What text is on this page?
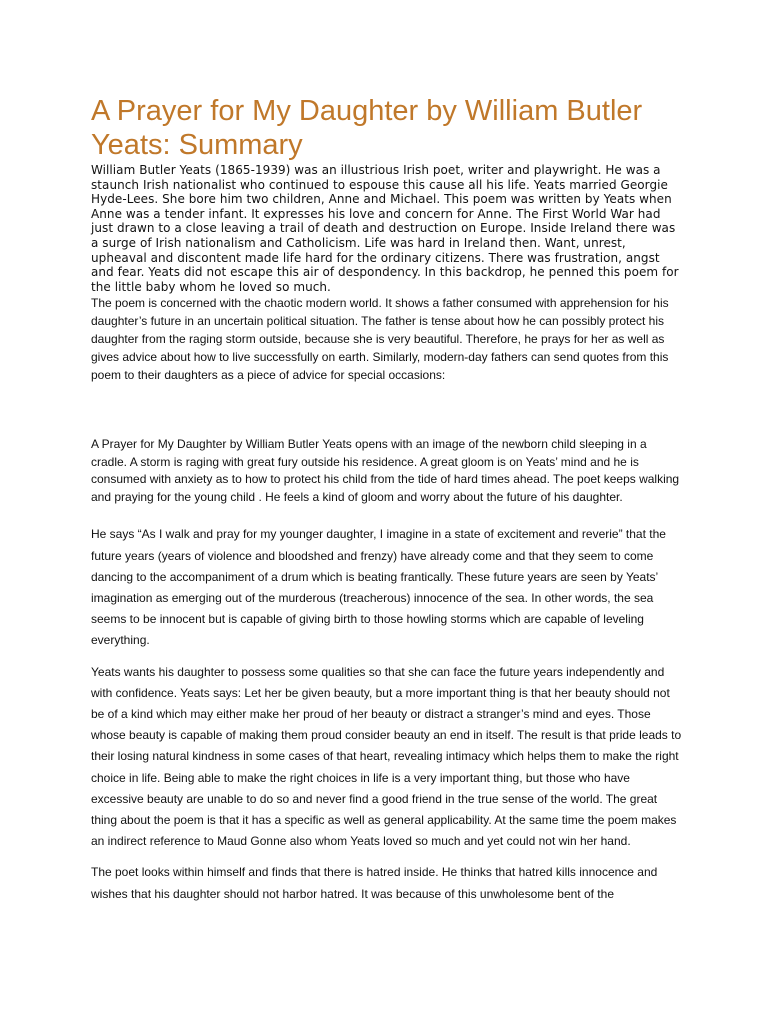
A Prayer for My Daughter by William Butler Yeats: Summary

William Butler Yeats (1865-1939) was an illustrious Irish poet, writer and playwright. He was a staunch Irish nationalist who continued to espouse this cause all his life. Yeats married Georgie Hyde-Lees. She bore him two children, Anne and Michael. This poem was written by Yeats when Anne was a tender infant. It expresses his love and concern for Anne. The First World War had just drawn to a close leaving a trail of death and destruction on Europe. Inside Ireland there was a surge of Irish nationalism and Catholicism. Life was hard in Ireland then. Want, unrest, upheaval and discontent made life hard for the ordinary citizens. There was frustration, angst and fear. Yeats did not escape this air of despondency. In this backdrop, he penned this poem for the little baby whom he loved so much.

The poem is concerned with the chaotic modern world. It shows a father consumed with apprehension for his daughter’s future in an uncertain political situation. The father is tense about how he can possibly protect his daughter from the raging storm outside, because she is very beautiful. Therefore, he prays for her as well as gives advice about how to live successfully on earth. Similarly, modern-day fathers can send quotes from this poem to their daughters as a piece of advice for special occasions:

A Prayer for My Daughter by William Butler Yeats opens with an image of the newborn child sleeping in a cradle. A storm is raging with great fury outside his residence. A great gloom is on Yeats’ mind and he is consumed with anxiety as to how to protect his child from the tide of hard times ahead. The poet keeps walking and praying for the young child . He feels a kind of gloom and worry about the future of his daughter.

He says “As I walk and pray for my younger daughter, I imagine in a state of excitement and reverie” that the future years (years of violence and bloodshed and frenzy) have already come and that they seem to come dancing to the accompaniment of a drum which is beating frantically. These future years are seen by Yeats’ imagination as emerging out of the murderous (treacherous) innocence of the sea. In other words, the sea seems to be innocent but is capable of giving birth to those howling storms which are capable of leveling everything.

Yeats wants his daughter to possess some qualities so that she can face the future years independently and with confidence. Yeats says: Let her be given beauty, but a more important thing is that her beauty should not be of a kind which may either make her proud of her beauty or distract a stranger’s mind and eyes. Those whose beauty is capable of making them proud consider beauty an end in itself. The result is that pride leads to their losing natural kindness in some cases of that heart, revealing intimacy which helps them to make the right choice in life. Being able to make the right choices in life is a very important thing, but those who have excessive beauty are unable to do so and never find a good friend in the true sense of the world. The great thing about the poem is that it has a specific as well as general applicability. At the same time the poem makes an indirect reference to Maud Gonne also whom Yeats loved so much and yet could not win her hand.

The poet looks within himself and finds that there is hatred inside. He thinks that hatred kills innocence and wishes that his daughter should not harbor hatred. It was because of this unwholesome bent of the
